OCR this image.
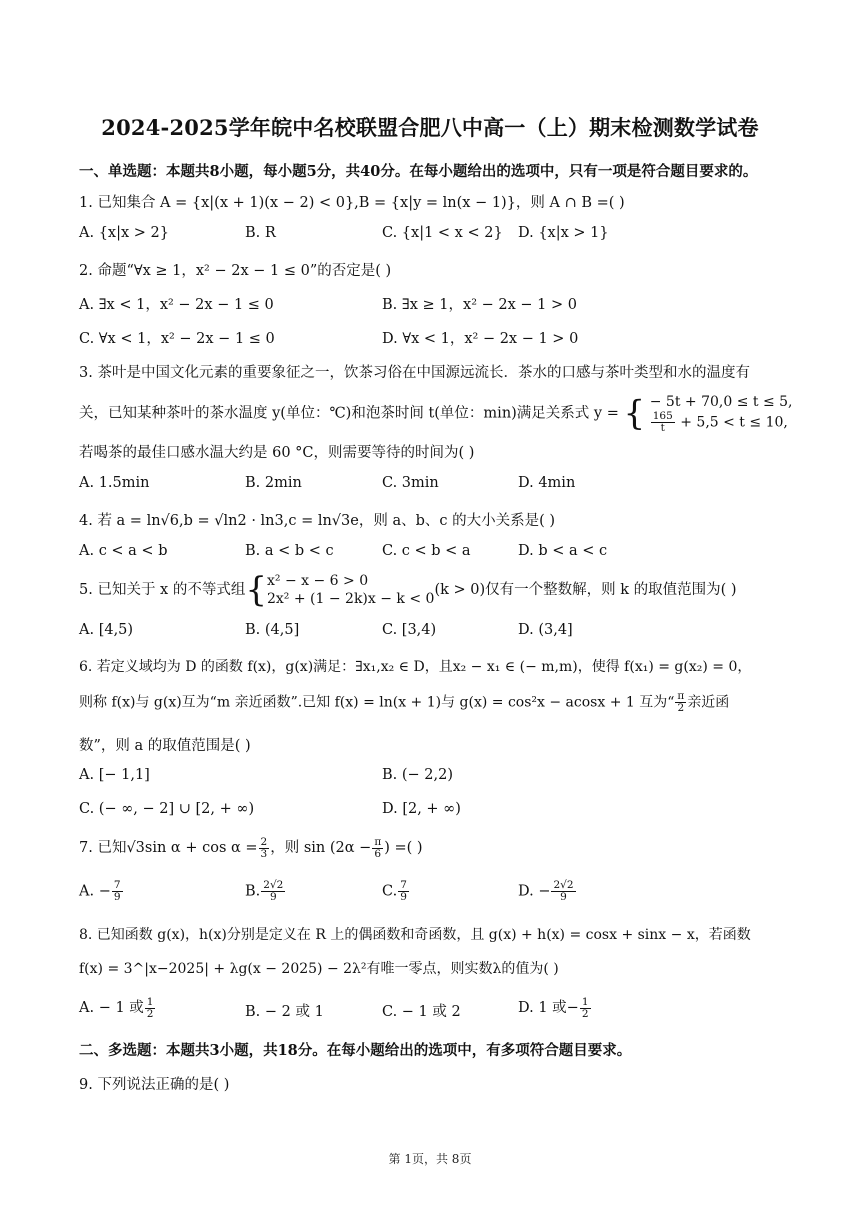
2024-2025学年皖中名校联盟合肥八中高一（上）期末检测数学试卷
一、单选题：本题共8小题，每小题5分，共40分。在每小题给出的选项中，只有一项是符合题目要求的。
1. 已知集合 A = {x|(x + 1)(x − 2) < 0},B = {x|y = ln(x − 1)}，则 A ∩ B =( )
A. {x|x > 2}	B. R	C. {x|1 < x < 2} D. {x|x > 1}
2. 命题“∀x ≥ 1，x² − 2x − 1 ≤ 0”的否定是( )
A. ∃x < 1，x² − 2x − 1 ≤ 0	B. ∃x ≥ 1，x² − 2x − 1 > 0
C. ∀x < 1，x² − 2x − 1 ≤ 0	D. ∀x < 1，x² − 2x − 1 > 0
3. 茶叶是中国文化元素的重要象征之一，饮茶习俗在中国源远流长．茶水的口感与茶叶类型和水的温度有
关，已知某种茶叶的茶水温度 y(单位：℃)和泡茶时间 t(单位：min)满足关系式 y = { − 5t + 70,0 ≤ t ≤ 5,
$\frac{165}{t} + 5,5 < t \le 10$,
若喝茶的最佳口感水温大约是 60 °C，则需要等待的时间为( )
A. 1.5min	B. 2min	C. 3min	D. 4min
4. 若 a = ln√6,b = √ln2 · ln3,c = ln√3e，则 a、b、c 的大小关系是( )
A. c < a < b	B. a < b < c	C. c < b < a	D. b < a < c
5. 已知关于 x 的不等式组{ x² − x − 6 > 0
2x² + (1 − 2k)x − k < 0
(k > 0)仅有一个整数解，则 k 的取值范围为( )
A. [4,5)	B. (4,5]	C. [3,4)	D. (3,4]
6. 若定义域均为 D 的函数 f(x)，g(x)满足：∃x₁,x₂ ∈ D，且x₂ − x₁ ∈ (− m,m)，使得 f(x₁) = g(x₂) = 0，
则称 f(x)与 g(x)互为“m 亲近函数”.已知 f(x) = ln(x + 1)与 g(x) = cos²x − acosx + 1 互为“ $\frac{\pi}{2}$ 亲近函
数”，则 a 的取值范围是( )
A. [− 1,1]	B. (− 2,2)
C. (− ∞, − 2] ∪ [2, + ∞)	D. [2, + ∞)
7. 已知√3sin $\alpha + \cos \alpha = \frac{2}{3}$ ，则 $\sin (2\alpha - \frac{\pi}{6}$ ) =( )
A. − $\frac{7}{9}$	B. $\frac{2√2}{9}$	C. $\frac{7}{9}$	D. − $\frac{2√2}{9}$
8. 已知函数 g(x)，h(x)分别是定义在 R 上的偶函数和奇函数，且 g(x) + h(x) = cosx + sinx − x，若函数
f(x) = 3^|x−2025| + λg(x − 2025) − 2λ²有唯一零点，则实数λ的值为( )
A. − 1 或 $\frac{1}{2}$	B. − 2 或 1	C. − 1 或 2	D. 1 或− $\frac{1}{2}$
二、多选题：本题共3小题，共18分。在每小题给出的选项中，有多项符合题目要求。
9. 下列说法正确的是( )
第 1页，共 8页
